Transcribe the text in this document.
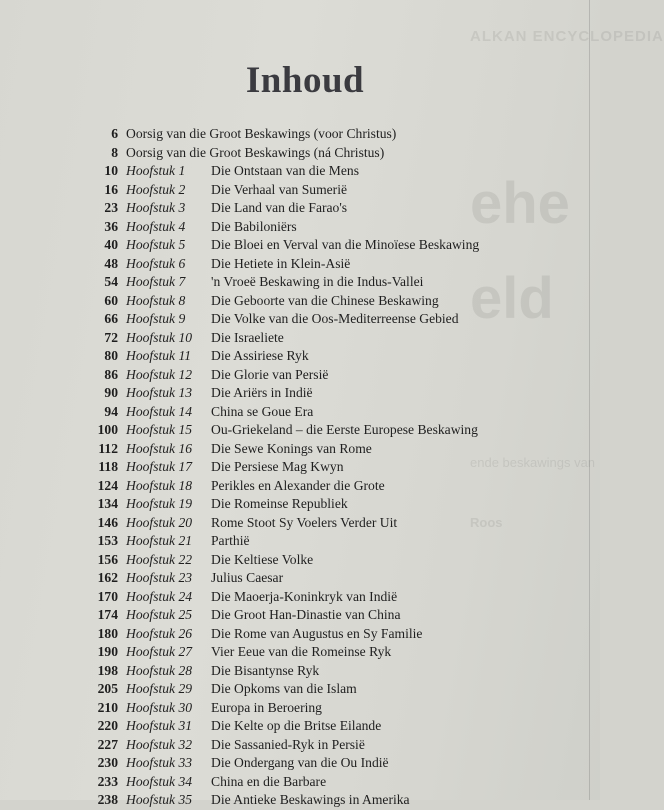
ALKAN ENCYCLOPEDIA
ehe
eld
ende beskawings van
Roos
Inhoud
6 Oorsig van die Groot Beskawings (voor Christus)
8 Oorsig van die Groot Beskawings (ná Christus)
10 Hoofstuk 1	Die Ontstaan van die Mens
16 Hoofstuk 2	Die Verhaal van Sumerië
23 Hoofstuk 3	Die Land van die Farao's
36 Hoofstuk 4	Die Babiloniërs
40 Hoofstuk 5	Die Bloei en Verval van die Minoïese Beskawing
48 Hoofstuk 6	Die Hetiete in Klein-Asië
54 Hoofstuk 7	'n Vroeë Beskawing in die Indus-Vallei
60 Hoofstuk 8	Die Geboorte van die Chinese Beskawing
66 Hoofstuk 9	Die Volke van die Oos-Mediterreense Gebied
72 Hoofstuk 10	Die Israeliete
80 Hoofstuk 11	Die Assiriese Ryk
86 Hoofstuk 12	Die Glorie van Persië
90 Hoofstuk 13	Die Ariërs in Indië
94 Hoofstuk 14	China se Goue Era
100 Hoofstuk 15	Ou-Griekeland – die Eerste Europese Beskawing
112 Hoofstuk 16	Die Sewe Konings van Rome
118 Hoofstuk 17	Die Persiese Mag Kwyn
124 Hoofstuk 18	Perikles en Alexander die Grote
134 Hoofstuk 19	Die Romeinse Republiek
146 Hoofstuk 20	Rome Stoot Sy Voelers Verder Uit
153 Hoofstuk 21	Parthië
156 Hoofstuk 22	Die Keltiese Volke
162 Hoofstuk 23	Julius Caesar
170 Hoofstuk 24	Die Maoerja-Koninkryk van Indië
174 Hoofstuk 25	Die Groot Han-Dinastie van China
180 Hoofstuk 26	Die Rome van Augustus en Sy Familie
190 Hoofstuk 27	Vier Eeue van die Romeinse Ryk
198 Hoofstuk 28	Die Bisantynse Ryk
205 Hoofstuk 29	Die Opkoms van die Islam
210 Hoofstuk 30	Europa in Beroering
220 Hoofstuk 31	Die Kelte op die Britse Eilande
227 Hoofstuk 32	Die Sassanied-Ryk in Persië
230 Hoofstuk 33	Die Ondergang van die Ou Indië
233 Hoofstuk 34	China en die Barbare
238 Hoofstuk 35	Die Antieke Beskawings in Amerika
